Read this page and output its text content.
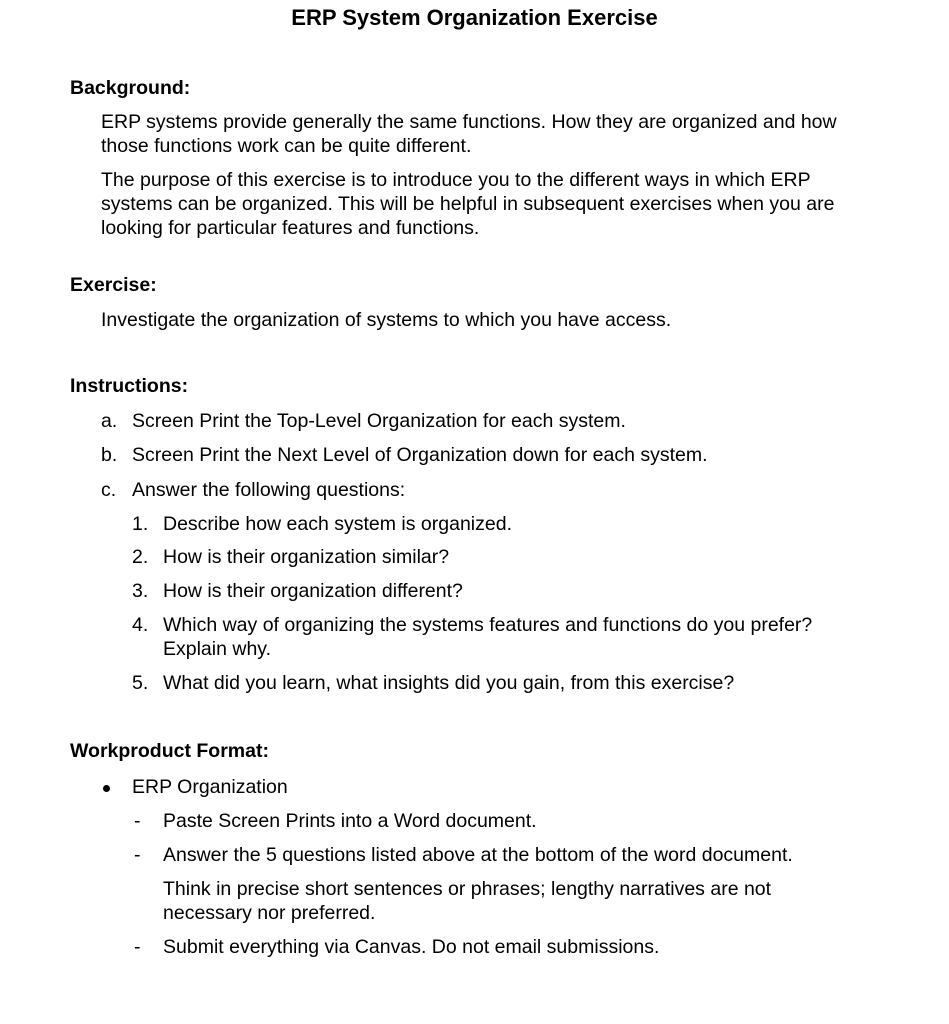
ERP System Organization Exercise
Background:
ERP systems provide generally the same functions. How they are organized and how those functions work can be quite different.
The purpose of this exercise is to introduce you to the different ways in which ERP systems can be organized. This will be helpful in subsequent exercises when you are looking for particular features and functions.
Exercise:
Investigate the organization of systems to which you have access.
Instructions:
a. Screen Print the Top-Level Organization for each system.
b. Screen Print the Next Level of Organization down for each system.
c. Answer the following questions:
1. Describe how each system is organized.
2. How is their organization similar?
3. How is their organization different?
4. Which way of organizing the systems features and functions do you prefer? Explain why.
5. What did you learn, what insights did you gain, from this exercise?
Workproduct Format:
ERP Organization
- Paste Screen Prints into a Word document.
- Answer the 5 questions listed above at the bottom of the word document.
Think in precise short sentences or phrases; lengthy narratives are not necessary nor preferred.
- Submit everything via Canvas. Do not email submissions.
